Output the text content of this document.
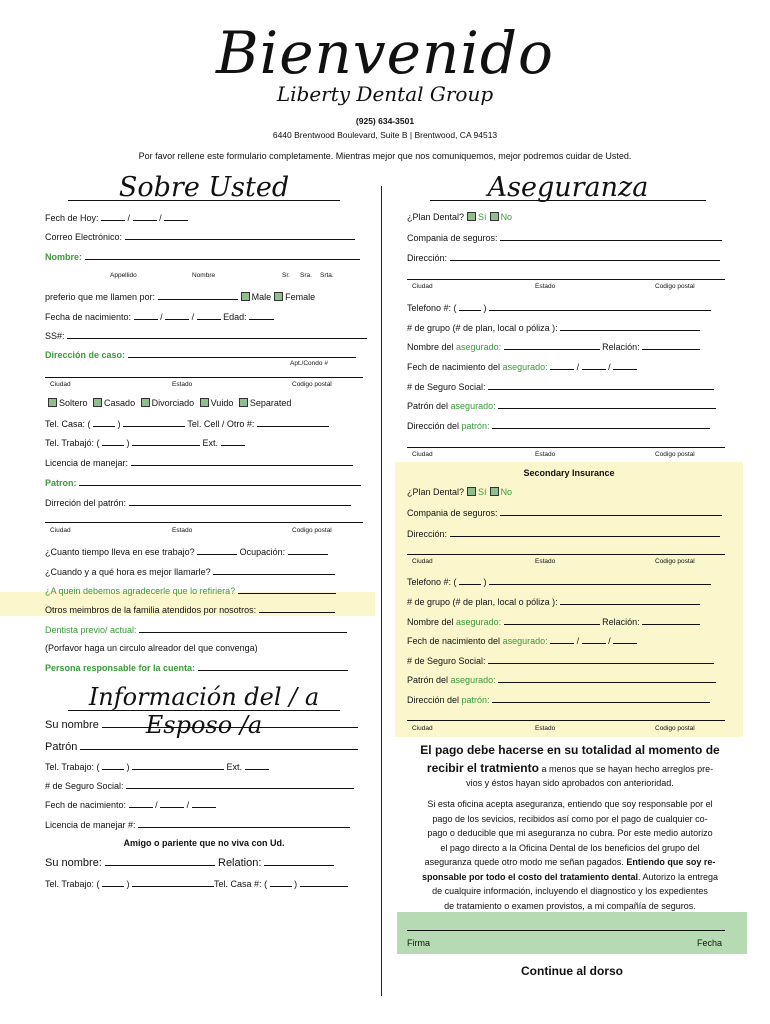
Bienvenido
Liberty Dental Group
(925) 634-3501
6440 Brentwood Boulevard, Suite B | Brentwood, CA 94513
Por favor rellene este formulario completamente. Mientras mejor que nos comuniquemos, mejor podremos cuidar de Usted.
Sobre Usted
Fech de Hoy:	/	/
Correo Electrónico:
Nombre:
Appellido	Nombre	Sr. Sra. Srta.
preferio que me llamen por:	Male Female
Fecha de nacimiento:	/	/	Edad:
SS#:
Dirección de caso:
Apt./Condo #
Ciudad	Estado	Codigo postal
Soltero Casado Divorciado Vuido Separated
Tel. Casa: (  )	Tel. Cell / Otro #:
Tel. Trabajó: (  )	Ext.
Licencia de manejar:
Patron:
Dirreción del patrón:
Ciudad	Estado	Codigo postal
¿Cuanto tiempo lleva en ese trabajo?	Ocupación:
¿Cuando y a qué hora es mejor llamarle?
¿A quein debemos agradecerle que lo refiriera?
Otros meimbros de la familia atendidos por nosotros:
Dentista previo/ actual:
(Porfavor haga un circulo alreador del que convenga)
Persona responsable for la cuenta:
Información del / a Esposo /a
Su nombre
Patrón
Tel. Trabajo: (  )	Ext.
# de Seguro Social:
Fech de nacimiento:	/	/
Licencia de manejar #:
Amigo o pariente que no viva con Ud.
Su nombre:	Relation:
Tel. Trabajo: (  )	Tel. Casa #: (  )
Aseguranza
¿Plan Dental? Sí No
Compania de seguros:
Dirección:
Ciudad	Estado	Codigo postal
Telefono #: (  )
# de grupo (# de plan, local o póliza ):
Nombre del asegurado:	Relación:
Fech de nacimiento del asegurado:	/	/
# de Seguro Social:
Patrón del asegurado:
Dirección del patrón:
Ciudad	Estado	Codigo postal
Secondary Insurance
¿Plan Dental? Sí No
Compania de seguros:
Dirección:
Ciudad	Estado	Codigo postal
Telefono #: (  )
# de grupo (# de plan, local o póliza ):
Nombre del asegurado:	Relación:
Fech de nacimiento del asegurado:	/	/
# de Seguro Social:
Patrón del asegurado:
Dirección del patrón:
Ciudad	Estado	Codigo postal
El pago debe hacerse en su totalidad al momento de
recibir el tratmiento a menos que se hayan hecho arreglos pre-
vios y éstos hayan sido aprobados con anterioridad.
Si esta oficina acepta aseguranza, entiendo que soy responsable por el
pago de los sevicios, recibidos así como por el pago de cualquier co-
pago o deducible que mi aseguranza no cubra. Por este medio autorizo
el pago directo a la Oficina Dental de los beneficios del grupo del
aseguranza quede otro modo me señan pagados. Entiendo que soy re-
sponsable por todo el costo del tratamiento dental. Autorizo la entrega
de cualquire información, incluyendo el diagnostico y los expedientes
de tratamiento o examen provistos, a mi compañía de seguros.
Firma	Fecha
Continue al dorso
